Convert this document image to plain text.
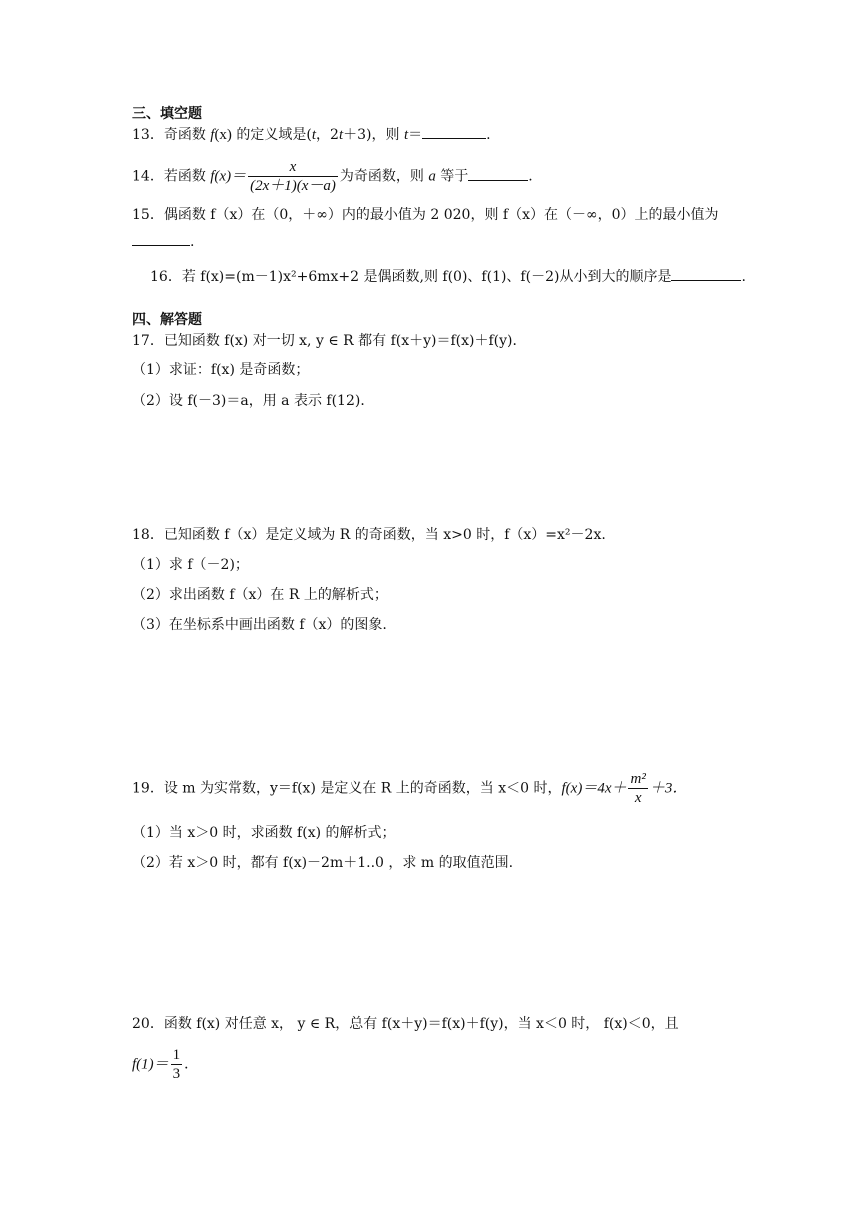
三、填空题
13．奇函数 f(x) 的定义域是(t，2t＋3)，则 t＝	.
14．若函数 $f(x)= \frac{x}{(2x+1)(x-a)}$ 为奇函数，则 a 等于	.
15．偶函数 f（x）在（0，＋∞）内的最小值为 2 020，则 f（x）在（－∞，0）上的最小值为
.
16．若 f(x)=(m－1)x²+6mx+2 是偶函数,则 f(0)、f(1)、f(－2)从小到大的顺序是	.
四、解答题
17．已知函数 f(x) 对一切 x, y ∈ R 都有 f(x＋y)＝f(x)＋f(y)．
（1）求证：f(x) 是奇函数；
（2）设 f(－3)＝a，用 a 表示 f(12)．
18．已知函数 f（x）是定义域为 R 的奇函数，当 x>0 时，f（x）=x²－2x.
（1）求 f（－2)；
（2）求出函数 f（x）在 R 上的解析式；
（3）在坐标系中画出函数 f（x）的图象.
19．设 m 为实常数，y＝f(x) 是定义在 R 上的奇函数，当 x＜0 时，$f(x)=4x+ \frac{\text{m²}}{x} +3$．
（1）当 x＞0 时，求函数 f(x) 的解析式；
（2）若 x＞0 时，都有 f(x)－2m＋1..0 ，求 m 的取值范围.
20．函数 f(x) 对任意 x， y ∈ R，总有 f(x＋y)＝f(x)＋f(y)，当 x＜0 时， f(x)＜0，且
$f(1)= \frac{1}{3}$ ．
